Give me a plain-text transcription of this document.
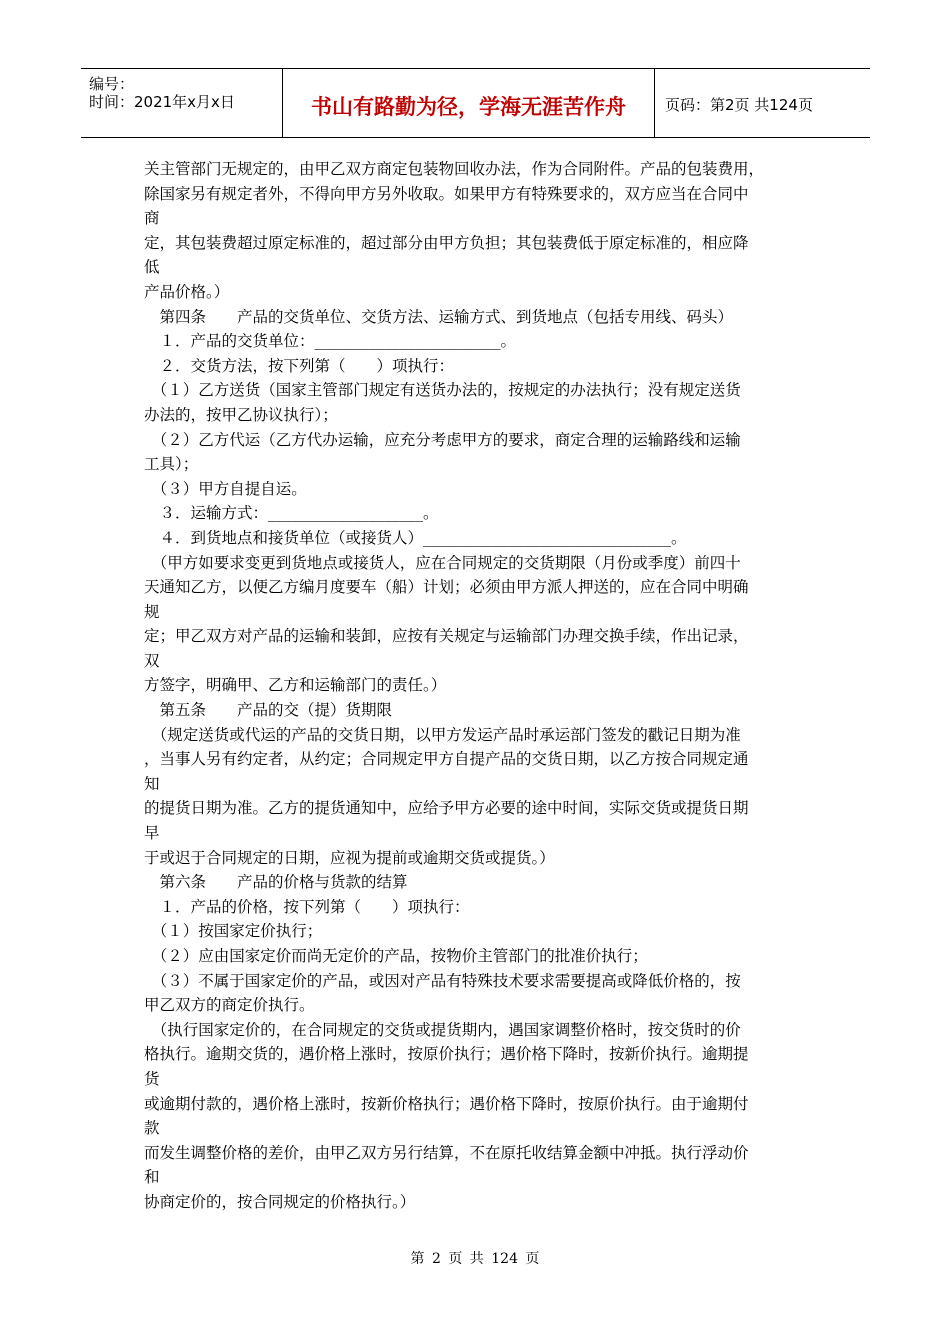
编号：
时间：2021年x月x日	书山有路勤为径，学海无涯苦作舟	页码：第2页 共124页

关主管部门无规定的，由甲乙双方商定包装物回收办法，作为合同附件。产品的包装费用，

除国家另有规定者外，不得向甲方另外收取。如果甲方有特殊要求的，双方应当在合同中

商

定，其包装费超过原定标准的，超过部分由甲方负担；其包装费低于原定标准的，相应降

低

产品价格。）

　第四条　　产品的交货单位、交货方法、运输方式、到货地点（包括专用线、码头）

　１．产品的交货单位：________________________。

　２．交货方法，按下列第（　　）项执行：

　（１）乙方送货（国家主管部门规定有送货办法的，按规定的办法执行；没有规定送货

办法的，按甲乙协议执行）；

　（２）乙方代运（乙方代办运输，应充分考虑甲方的要求，商定合理的运输路线和运输

工具）；

　（３）甲方自提自运。

　３．运输方式：____________________。

　４．到货地点和接货单位（或接货人）________________________________。

　（甲方如要求变更到货地点或接货人，应在合同规定的交货期限（月份或季度）前四十

天通知乙方，以便乙方编月度要车（船）计划；必须由甲方派人押送的，应在合同中明确

规

定；甲乙双方对产品的运输和装卸，应按有关规定与运输部门办理交换手续，作出记录，

双

方签字，明确甲、乙方和运输部门的责任。）

　第五条　　产品的交（提）货期限

　（规定送货或代运的产品的交货日期，以甲方发运产品时承运部门签发的戳记日期为准

，当事人另有约定者，从约定；合同规定甲方自提产品的交货日期，以乙方按合同规定通

知

的提货日期为准。乙方的提货通知中，应给予甲方必要的途中时间，实际交货或提货日期

早

于或迟于合同规定的日期，应视为提前或逾期交货或提货。）

　第六条　　产品的价格与货款的结算

　１．产品的价格，按下列第（　　）项执行：

　（１）按国家定价执行；

　（２）应由国家定价而尚无定价的产品，按物价主管部门的批准价执行；

　（３）不属于国家定价的产品，或因对产品有特殊技术要求需要提高或降低价格的，按

甲乙双方的商定价执行。

　（执行国家定价的，在合同规定的交货或提货期内，遇国家调整价格时，按交货时的价

格执行。逾期交货的，遇价格上涨时，按原价执行；遇价格下降时，按新价执行。逾期提

货

或逾期付款的，遇价格上涨时，按新价格执行；遇价格下降时，按原价执行。由于逾期付

款

而发生调整价格的差价，由甲乙双方另行结算，不在原托收结算金额中冲抵。执行浮动价

和

协商定价的，按合同规定的价格执行。）

第 2 页 共 124 页
